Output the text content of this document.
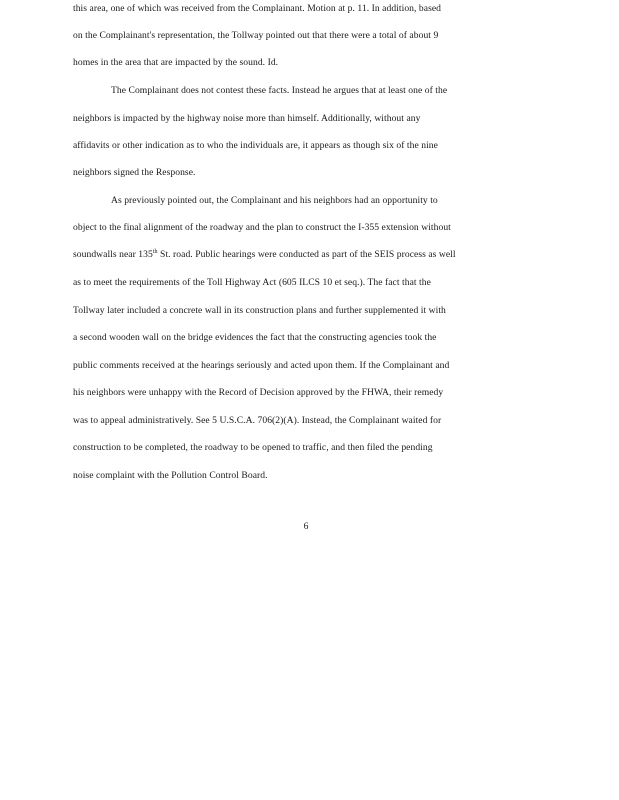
this area, one of which was received from the Complainant. Motion at p. 11. In addition, based
on the Complainant's representation, the Tollway pointed out that there were a total of about 9
homes in the area that are impacted by the sound. Id.
The Complainant does not contest these facts. Instead he argues that at least one of the
neighbors is impacted by the highway noise more than himself. Additionally, without any
affidavits or other indication as to who the individuals are, it appears as though six of the nine
neighbors signed the Response.
As previously pointed out, the Complainant and his neighbors had an opportunity to
object to the final alignment of the roadway and the plan to construct the I-355 extension without
soundwalls near 135th St. road. Public hearings were conducted as part of the SEIS process as well
as to meet the requirements of the Toll Highway Act (605 ILCS 10 et seq.). The fact that the
Tollway later included a concrete wall in its construction plans and further supplemented it with
a second wooden wall on the bridge evidences the fact that the constructing agencies took the
public comments received at the hearings seriously and acted upon them. If the Complainant and
his neighbors were unhappy with the Record of Decision approved by the FHWA, their remedy
was to appeal administratively. See 5 U.S.C.A. 706(2)(A). Instead, the Complainant waited for
construction to be completed, the roadway to be opened to traffic, and then filed the pending
noise complaint with the Pollution Control Board.
6
